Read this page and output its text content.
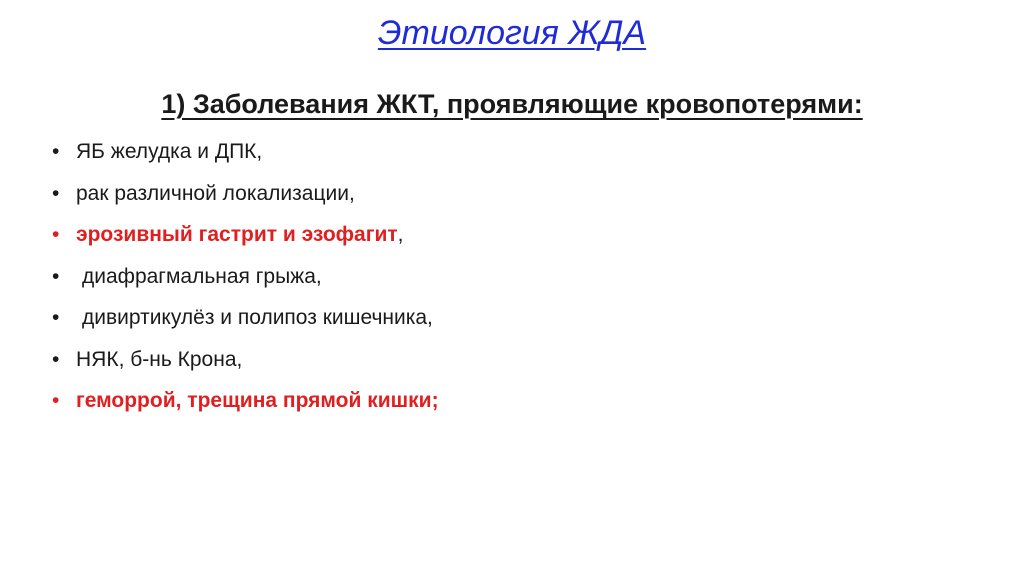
Этиология ЖДА
1) Заболевания ЖКТ, проявляющие кровопотерями:
• ЯБ желудка и ДПК,
• рак различной локализации,
• эрозивный гастрит и эзофагит ,
•	диафрагмальная грыжа,
•	дивиртикулёз и полипоз кишечника,
• НЯК, б-нь Крона,
• геморрой, трещина прямой кишки;
